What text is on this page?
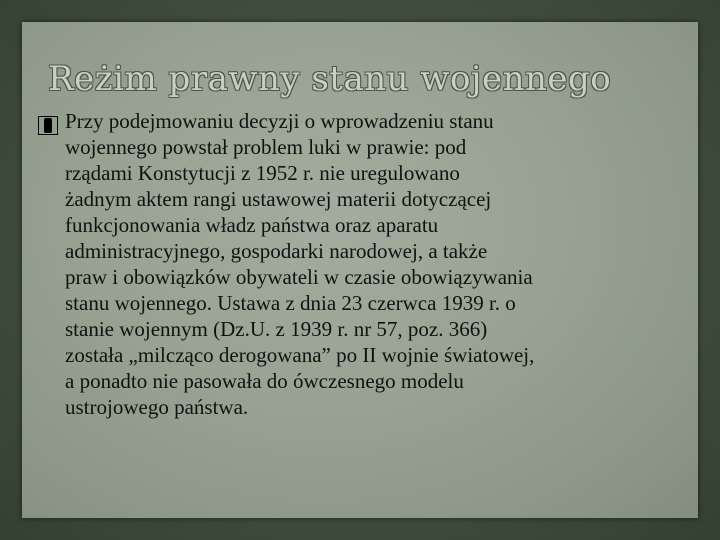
Reżim prawny stanu wojennego
Przy podejmowaniu decyzji o wprowadzeniu stanu
wojennego powstał problem luki w prawie: pod
rządami Konstytucji z 1952 r. nie uregulowano
żadnym aktem rangi ustawowej materii dotyczącej
funkcjonowania władz państwa oraz aparatu
administracyjnego, gospodarki narodowej, a także
praw i obowiązków obywateli w czasie obowiązywania
stanu wojennego. Ustawa z dnia 23 czerwca 1939 r. o
stanie wojennym (Dz.U. z 1939 r. nr 57, poz. 366)
została „milcząco derogowana” po II wojnie światowej,
a ponadto nie pasowała do ówczesnego modelu
ustrojowego państwa.
